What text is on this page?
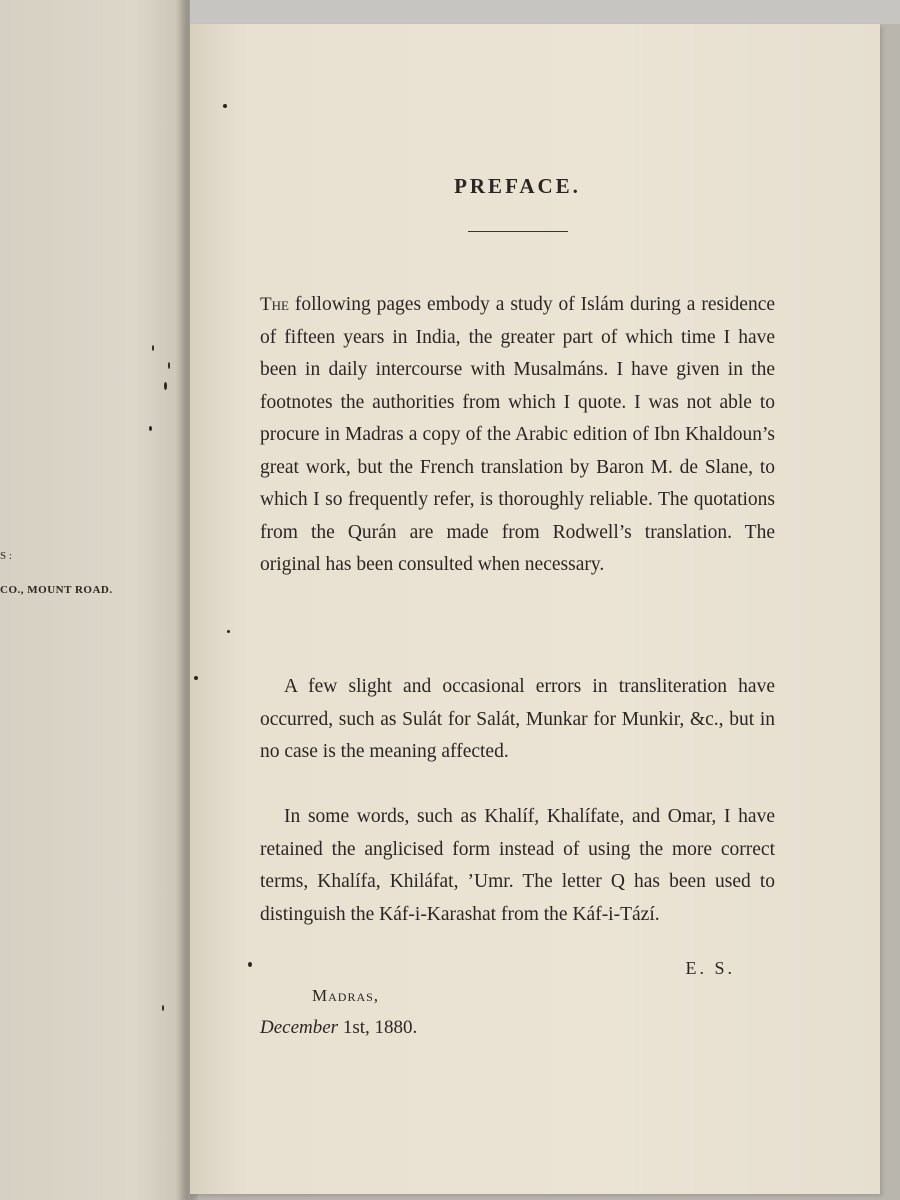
S :
CO., MOUNT ROAD.
PREFACE.

The following pages embody a study of Islám during a residence of fifteen years in India, the greater part of which time I have been in daily intercourse with Musalmáns. I have given in the footnotes the authorities from which I quote. I was not able to procure in Madras a copy of the Arabic edition of Ibn Khaldoun’s great work, but the French translation by Baron M. de Slane, to which I so frequently refer, is thoroughly reliable. The quotations from the Qurán are made from Rodwell’s translation. The original has been consulted when necessary.

A few slight and occasional errors in transliteration have occurred, such as Sulát for Salát, Munkar for Munkir, &c., but in no case is the meaning affected.

In some words, such as Khalíf, Khalífate, and Omar, I have retained the anglicised form instead of using the more correct terms, Khalífa, Khiláfat, ’Umr. The letter Q has been used to distinguish the Káf-i-Karashat from the Káf-i-Tází.

E. S.
Madras,
December 1st, 1880.
